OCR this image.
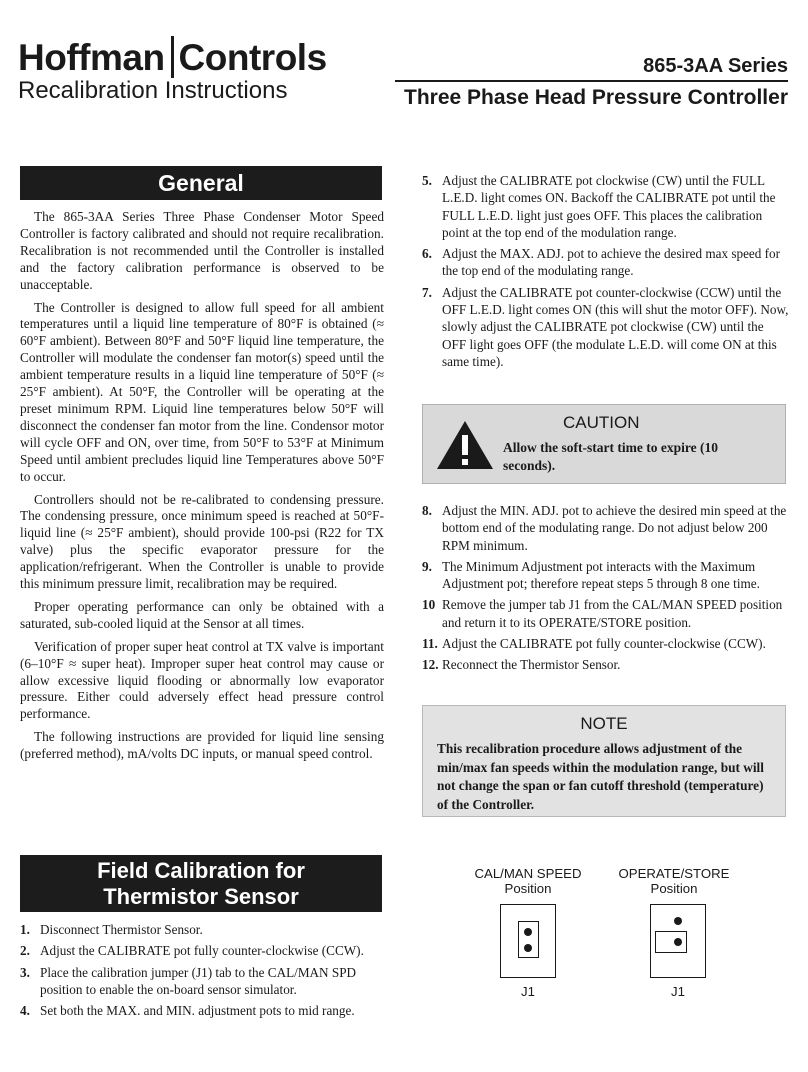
Hoffman Controls
Recalibration Instructions
865-3AA Series
Three Phase Head Pressure Controller
General

The 865-3AA Series Three Phase Condenser Motor Speed Controller is factory calibrated and should not require recalibration. Recalibration is not recommended until the Controller is installed and the factory calibration performance is observed to be unacceptable.

The Controller is designed to allow full speed for all ambient temperatures until a liquid line temperature of 80°F is obtained (≈ 60°F ambient). Between 80°F and 50°F liquid line temperature, the Controller will modulate the condenser fan motor(s) speed until the ambient temperature results in a liquid line temperature of 50°F (≈ 25°F ambient). At 50°F, the Controller will be operating at the preset minimum RPM. Liquid line temperatures below 50°F will disconnect the condenser fan motor from the line. Condensor motor will cycle OFF and ON, over time, from 50°F to 53°F at Minimum Speed until ambient precludes liquid line Temperatures above 50°F to occur.

Controllers should not be re-calibrated to condensing pressure. The condensing pressure, once minimum speed is reached at 50°F-liquid line (≈ 25°F ambient), should provide 100-psi (R22 for TX valve) plus the specific evaporator pressure for the application/refrigerant. When the Controller is unable to provide this minimum pressure limit, recalibration may be required.

Proper operating performance can only be obtained with a saturated, sub-cooled liquid at the Sensor at all times.

Verification of proper super heat control at TX valve is important (6–10°F ≈ super heat). Improper super heat control may cause or allow excessive liquid flooding or abnormally low evaporator pressure. Either could adversely effect head pressure control performance.

The following instructions are provided for liquid line sensing (preferred method), mA/volts DC inputs, or manual speed control.

Field Calibration for
Thermistor Sensor
1. Disconnect Thermistor Sensor.
2. Adjust the CALIBRATE pot fully counter-clockwise (CCW).
3. Place the calibration jumper (J1) tab to the CAL/MAN SPD position to enable the on-board sensor simulator.
4. Set both the MAX. and MIN. adjustment pots to mid range.
5. Adjust the CALIBRATE pot clockwise (CW) until the FULL L.E.D. light comes ON. Backoff the CALIBRATE pot until the FULL L.E.D. light just goes OFF. This places the calibration point at the top end of the modulation range.
6. Adjust the MAX. ADJ. pot to achieve the desired max speed for the top end of the modulating range.
7. Adjust the CALIBRATE pot counter-clockwise (CCW) until the OFF L.E.D. light comes ON (this will shut the motor OFF). Now, slowly adjust the CALIBRATE pot clockwise (CW) until the OFF light goes OFF (the modulate L.E.D. will come ON at this same time).
CAUTION
Allow the soft-start time to expire (10 seconds).
8. Adjust the MIN. ADJ. pot to achieve the desired min speed at the bottom end of the modulating range. Do not adjust below 200 RPM minimum.
9. The Minimum Adjustment pot interacts with the Maximum Adjustment pot; therefore repeat steps 5 through 8 one time.
10 Remove the jumper tab J1 from the CAL/MAN SPEED position and return it to its OPERATE/STORE position.
11. Adjust the CALIBRATE pot fully counter-clockwise (CCW).
12. Reconnect the Thermistor Sensor.
NOTE
This recalibration procedure allows adjustment of the min/max fan speeds within the modulation range, but will not change the span or fan cutoff threshold (temperature) of the Controller.
CAL/MAN SPEED
Position
J1
OPERATE/STORE
Position
J1
